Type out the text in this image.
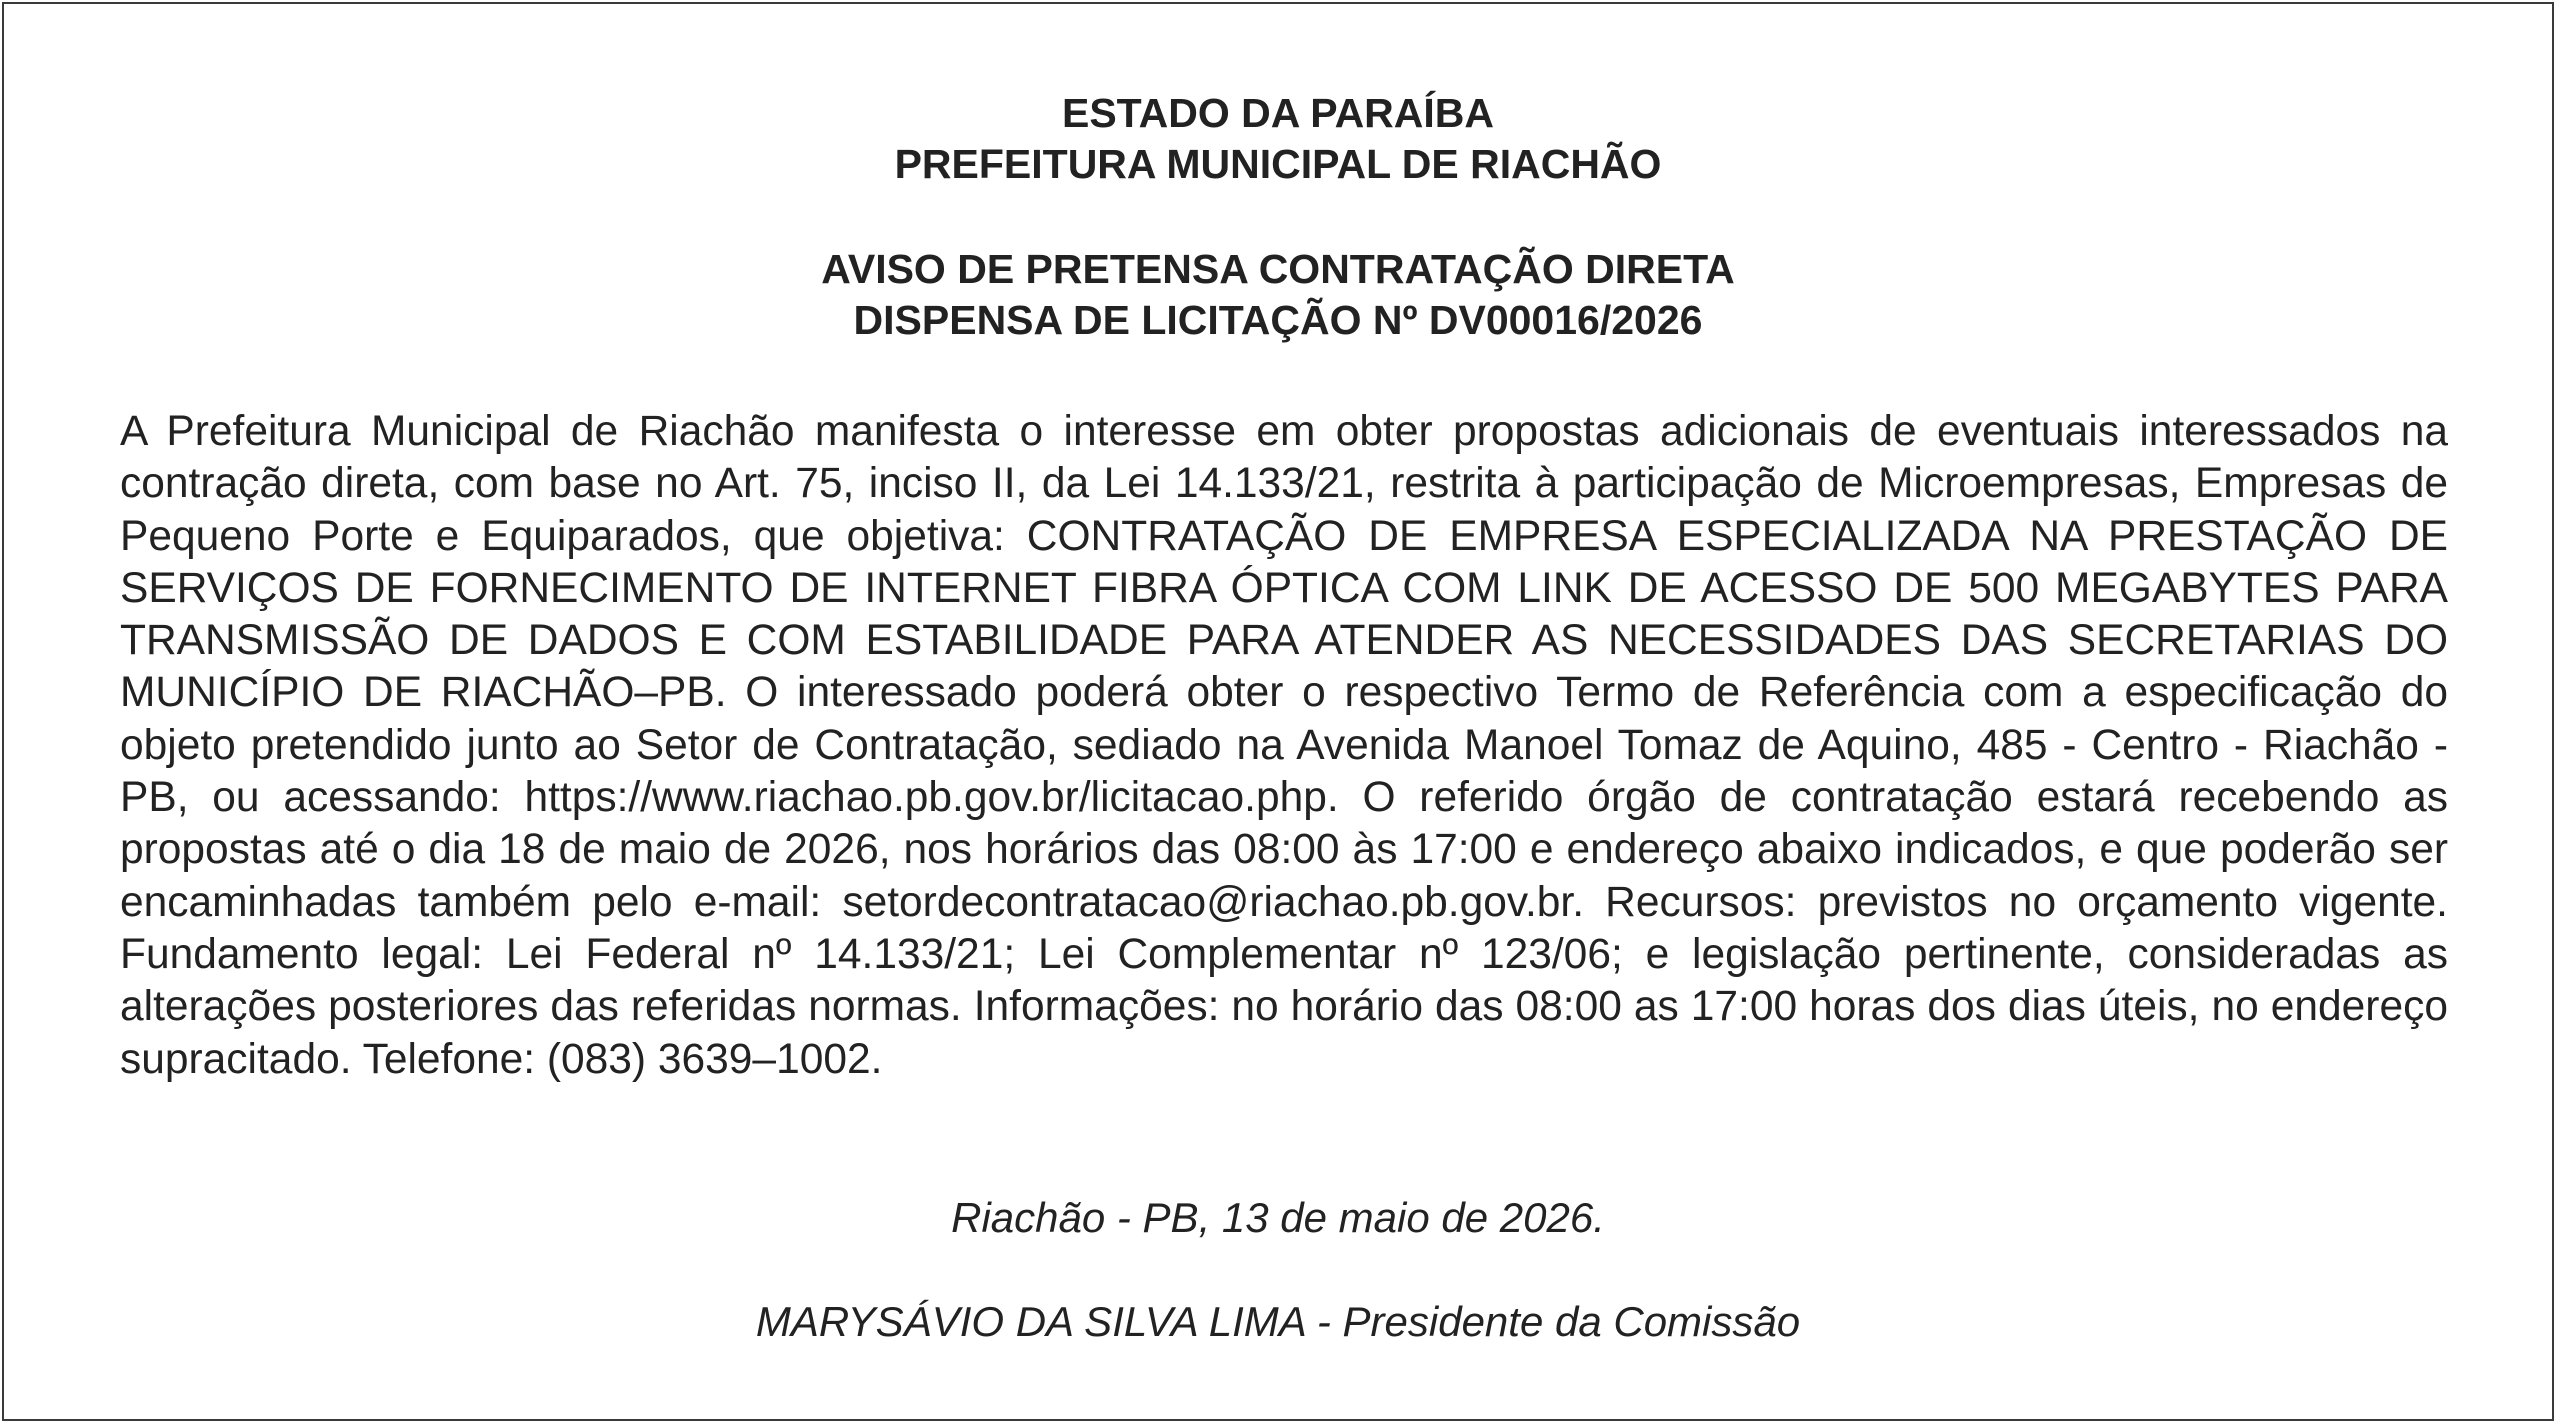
ESTADO DA PARAÍBA
PREFEITURA MUNICIPAL DE RIACHÃO
AVISO DE PRETENSA CONTRATAÇÃO DIRETA
DISPENSA DE LICITAÇÃO Nº DV00016/2026
A Prefeitura Municipal de Riachão manifesta o interesse em obter propostas adicionais de eventuais interessados na contração direta, com base no Art. 75, inciso II, da Lei 14.133/21, restrita à participação de Microempresas, Empresas de Pequeno Porte e Equiparados, que objetiva: CONTRATAÇÃO DE EMPRESA ESPECIALIZADA NA PRESTAÇÃO DE SERVIÇOS DE FORNECIMENTO DE INTERNET FIBRA ÓPTICA COM LINK DE ACESSO DE 500 MEGABYTES PARA TRANSMISSÃO DE DADOS E COM ESTABILIDADE PARA ATENDER AS NECESSIDADES DAS SECRETARIAS DO MUNICÍPIO DE RIACHÃO–PB. O interessado poderá obter o respectivo Termo de Referência com a especificação do objeto pretendido junto ao Setor de Contratação, sediado na Avenida Manoel Tomaz de Aquino, 485 - Centro - Riachão - PB, ou acessando: https://www.riachao.pb.gov.br/licitacao.php. O referido órgão de contratação estará recebendo as propostas até o dia 18 de maio de 2026, nos horários das 08:00 às 17:00 e endereço abaixo indicados, e que poderão ser encaminhadas também pelo e-mail: setordecontratacao@riachao.pb.gov.br. Recursos: previstos no orçamento vigente. Fundamento legal: Lei Federal nº 14.133/21; Lei Complementar nº 123/06; e legislação pertinente, consideradas as alterações posteriores das referidas normas. Informações: no horário das 08:00 as 17:00 horas dos dias úteis, no endereço supracitado. Telefone: (083) 3639–1002.
Riachão - PB, 13 de maio de 2026.
MARYSÁVIO DA SILVA LIMA - Presidente da Comissão
